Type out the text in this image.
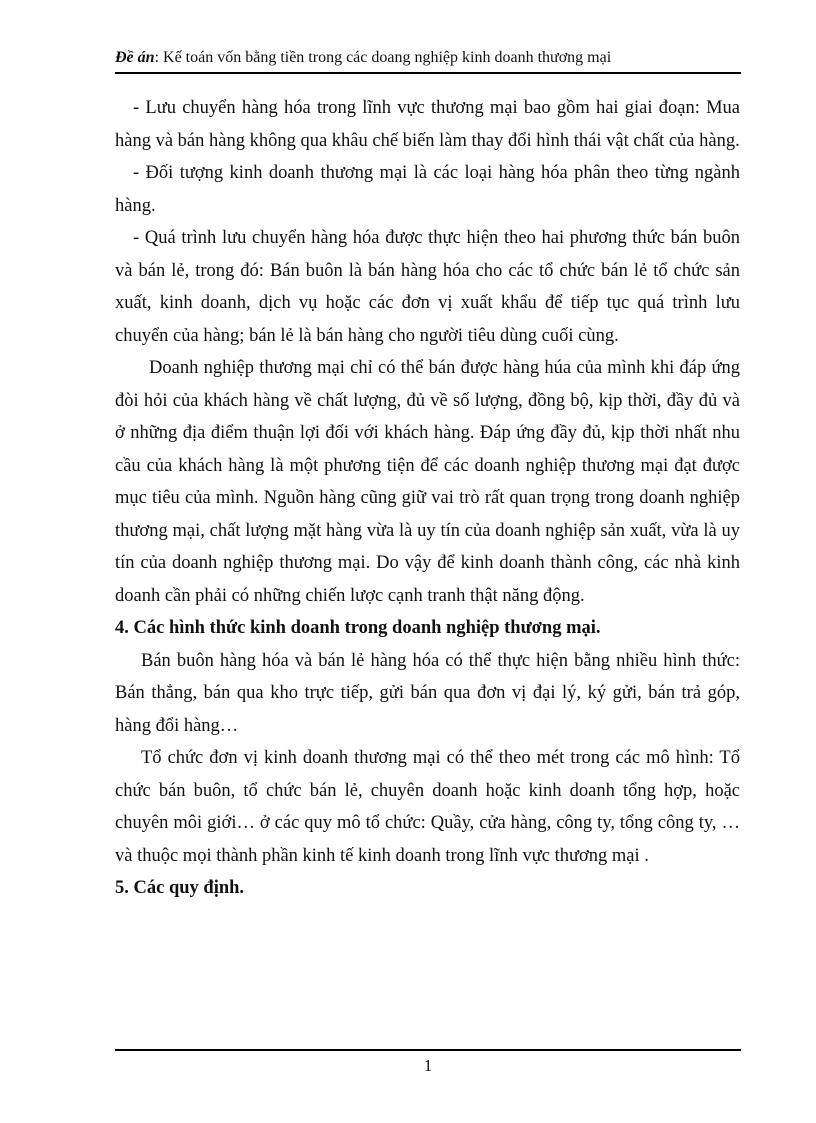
Đề án: Kế toán vốn bằng tiền trong các doang nghiệp kinh doanh thương mại

- Lưu chuyển hàng hóa trong lĩnh vực thương mại bao gồm hai giai đoạn: Mua hàng và bán hàng không qua khâu chế biến làm thay đổi hình thái vật chất của hàng.

- Đối tượng kinh doanh thương mại là các loại hàng hóa phân theo từng ngành hàng.

- Quá trình lưu chuyển hàng hóa được thực hiện theo hai phương thức bán buôn và bán lẻ, trong đó: Bán buôn là bán hàng hóa cho các tổ chức bán lẻ tổ chức sản xuất, kinh doanh, dịch vụ hoặc các đơn vị xuất khẩu để tiếp tục quá trình lưu chuyển của hàng; bán lẻ là bán hàng cho người tiêu dùng cuối cùng.

Doanh nghiệp thương mại chỉ có thể bán được hàng húa của mình khi đáp ứng đòi hỏi của khách hàng về chất lượng, đủ về số lượng, đồng bộ, kịp thời, đầy đủ và ở những địa điểm thuận lợi đối với khách hàng. Đáp ứng đầy đủ, kịp thời nhất nhu cầu của khách hàng là một phương tiện để các doanh nghiệp thương mại đạt được mục tiêu của mình. Nguồn hàng cũng giữ vai trò rất quan trọng trong doanh nghiệp thương mại, chất lượng mặt hàng vừa là uy tín của doanh nghiệp sản xuất, vừa là uy tín của doanh nghiệp thương mại. Do vậy để kinh doanh thành công, các nhà kinh doanh cần phải có những chiến lược cạnh tranh thật năng động.

4. Các hình thức kinh doanh trong doanh nghiệp thương mại.

Bán buôn hàng hóa và bán lẻ hàng hóa có thể thực hiện bằng nhiều hình thức: Bán thẳng, bán qua kho trực tiếp, gửi bán qua đơn vị đại lý, ký gửi, bán trả góp, hàng đổi hàng…

Tổ chức đơn vị kinh doanh thương mại có thể theo mét trong các mô hình: Tổ chức bán buôn, tổ chức bán lẻ, chuyên doanh hoặc kinh doanh tổng hợp, hoặc chuyên môi giới… ở các quy mô tổ chức: Quầy, cửa hàng, công ty, tổng công ty, … và thuộc mọi thành phần kinh tế kinh doanh trong lĩnh vực thương mại .

5. Các quy định.

1
